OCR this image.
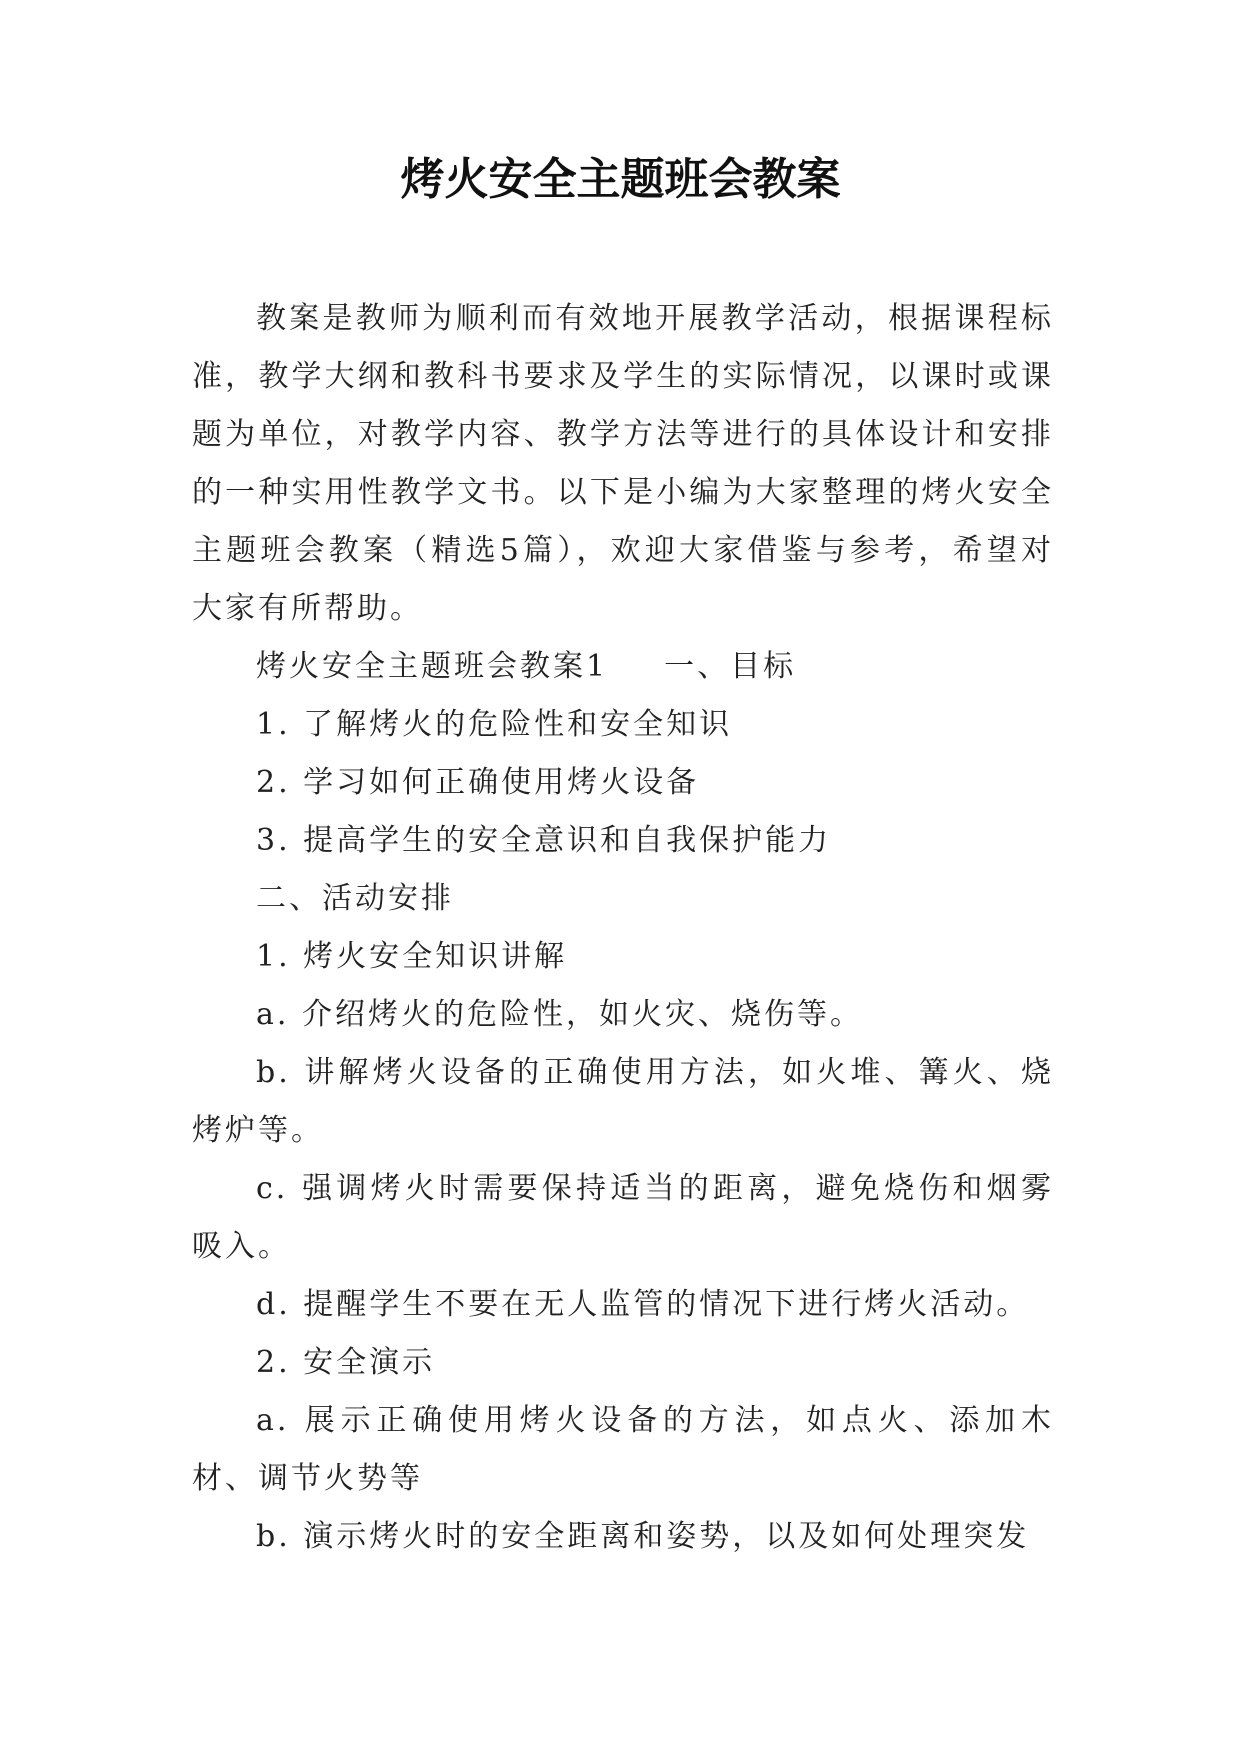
烤火安全主题班会教案

教案是教师为顺利而有效地开展教学活动，根据课程标准，教学大纲和教科书要求及学生的实际情况，以课时或课题为单位，对教学内容、教学方法等进行的具体设计和安排的一种实用性教学文书。以下是小编为大家整理的烤火安全主题班会教案（精选5篇），欢迎大家借鉴与参考，希望对大家有所帮助。

烤火安全主题班会教案1 一、目标

1. 了解烤火的危险性和安全知识

2. 学习如何正确使用烤火设备

3. 提高学生的安全意识和自我保护能力

二、活动安排

1. 烤火安全知识讲解

a. 介绍烤火的危险性，如火灾、烧伤等。

b. 讲解烤火设备的正确使用方法，如火堆、篝火、烧烤炉等。

c. 强调烤火时需要保持适当的距离，避免烧伤和烟雾吸入。

d. 提醒学生不要在无人监管的情况下进行烤火活动。

2. 安全演示

a. 展示正确使用烤火设备的方法，如点火、添加木材、调节火势等

b. 演示烤火时的安全距离和姿势，以及如何处理突发
